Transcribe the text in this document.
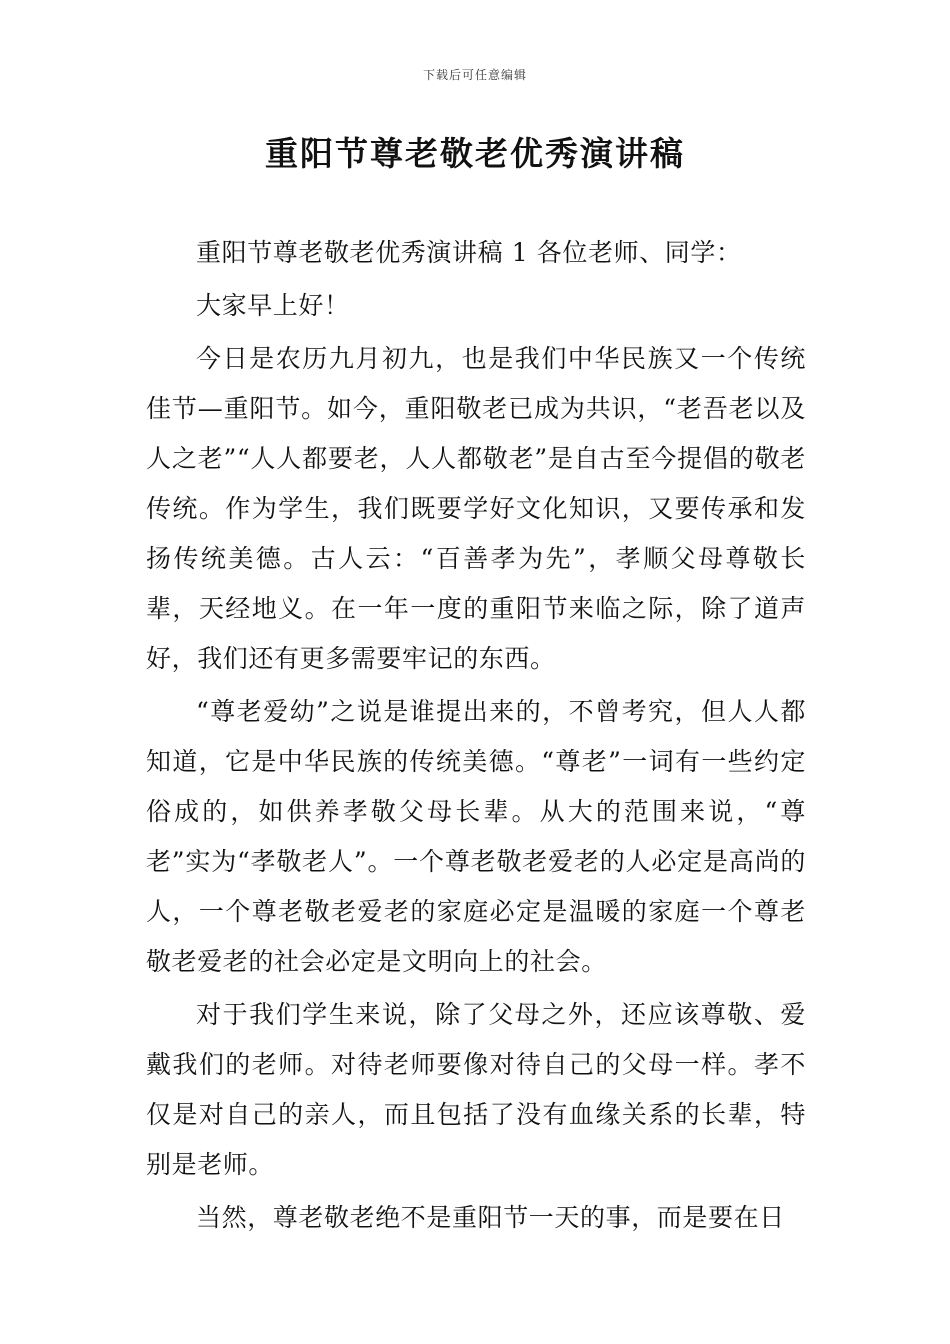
下载后可任意编辑
重阳节尊老敬老优秀演讲稿

重阳节尊老敬老优秀演讲稿 1 各位老师、同学：

大家早上好！

今日是农历九月初九，也是我们中华民族又一个传统佳节—重阳节。如今，重阳敬老已成为共识，“老吾老以及人之老”“人人都要老，人人都敬老”是自古至今提倡的敬老传统。作为学生，我们既要学好文化知识，又要传承和发扬传统美德。古人云：“百善孝为先”，孝顺父母尊敬长辈，天经地义。在一年一度的重阳节来临之际，除了道声好，我们还有更多需要牢记的东西。

“尊老爱幼”之说是谁提出来的，不曾考究，但人人都知道，它是中华民族的传统美德。“尊老”一词有一些约定俗成的，如供养孝敬父母长辈。从大的范围来说，“尊老”实为“孝敬老人”。一个尊老敬老爱老的人必定是高尚的人，一个尊老敬老爱老的家庭必定是温暖的家庭一个尊老敬老爱老的社会必定是文明向上的社会。

对于我们学生来说，除了父母之外，还应该尊敬、爱戴我们的老师。对待老师要像对待自己的父母一样。孝不仅是对自己的亲人，而且包括了没有血缘关系的长辈，特别是老师。

当然，尊老敬老绝不是重阳节一天的事，而是要在日
